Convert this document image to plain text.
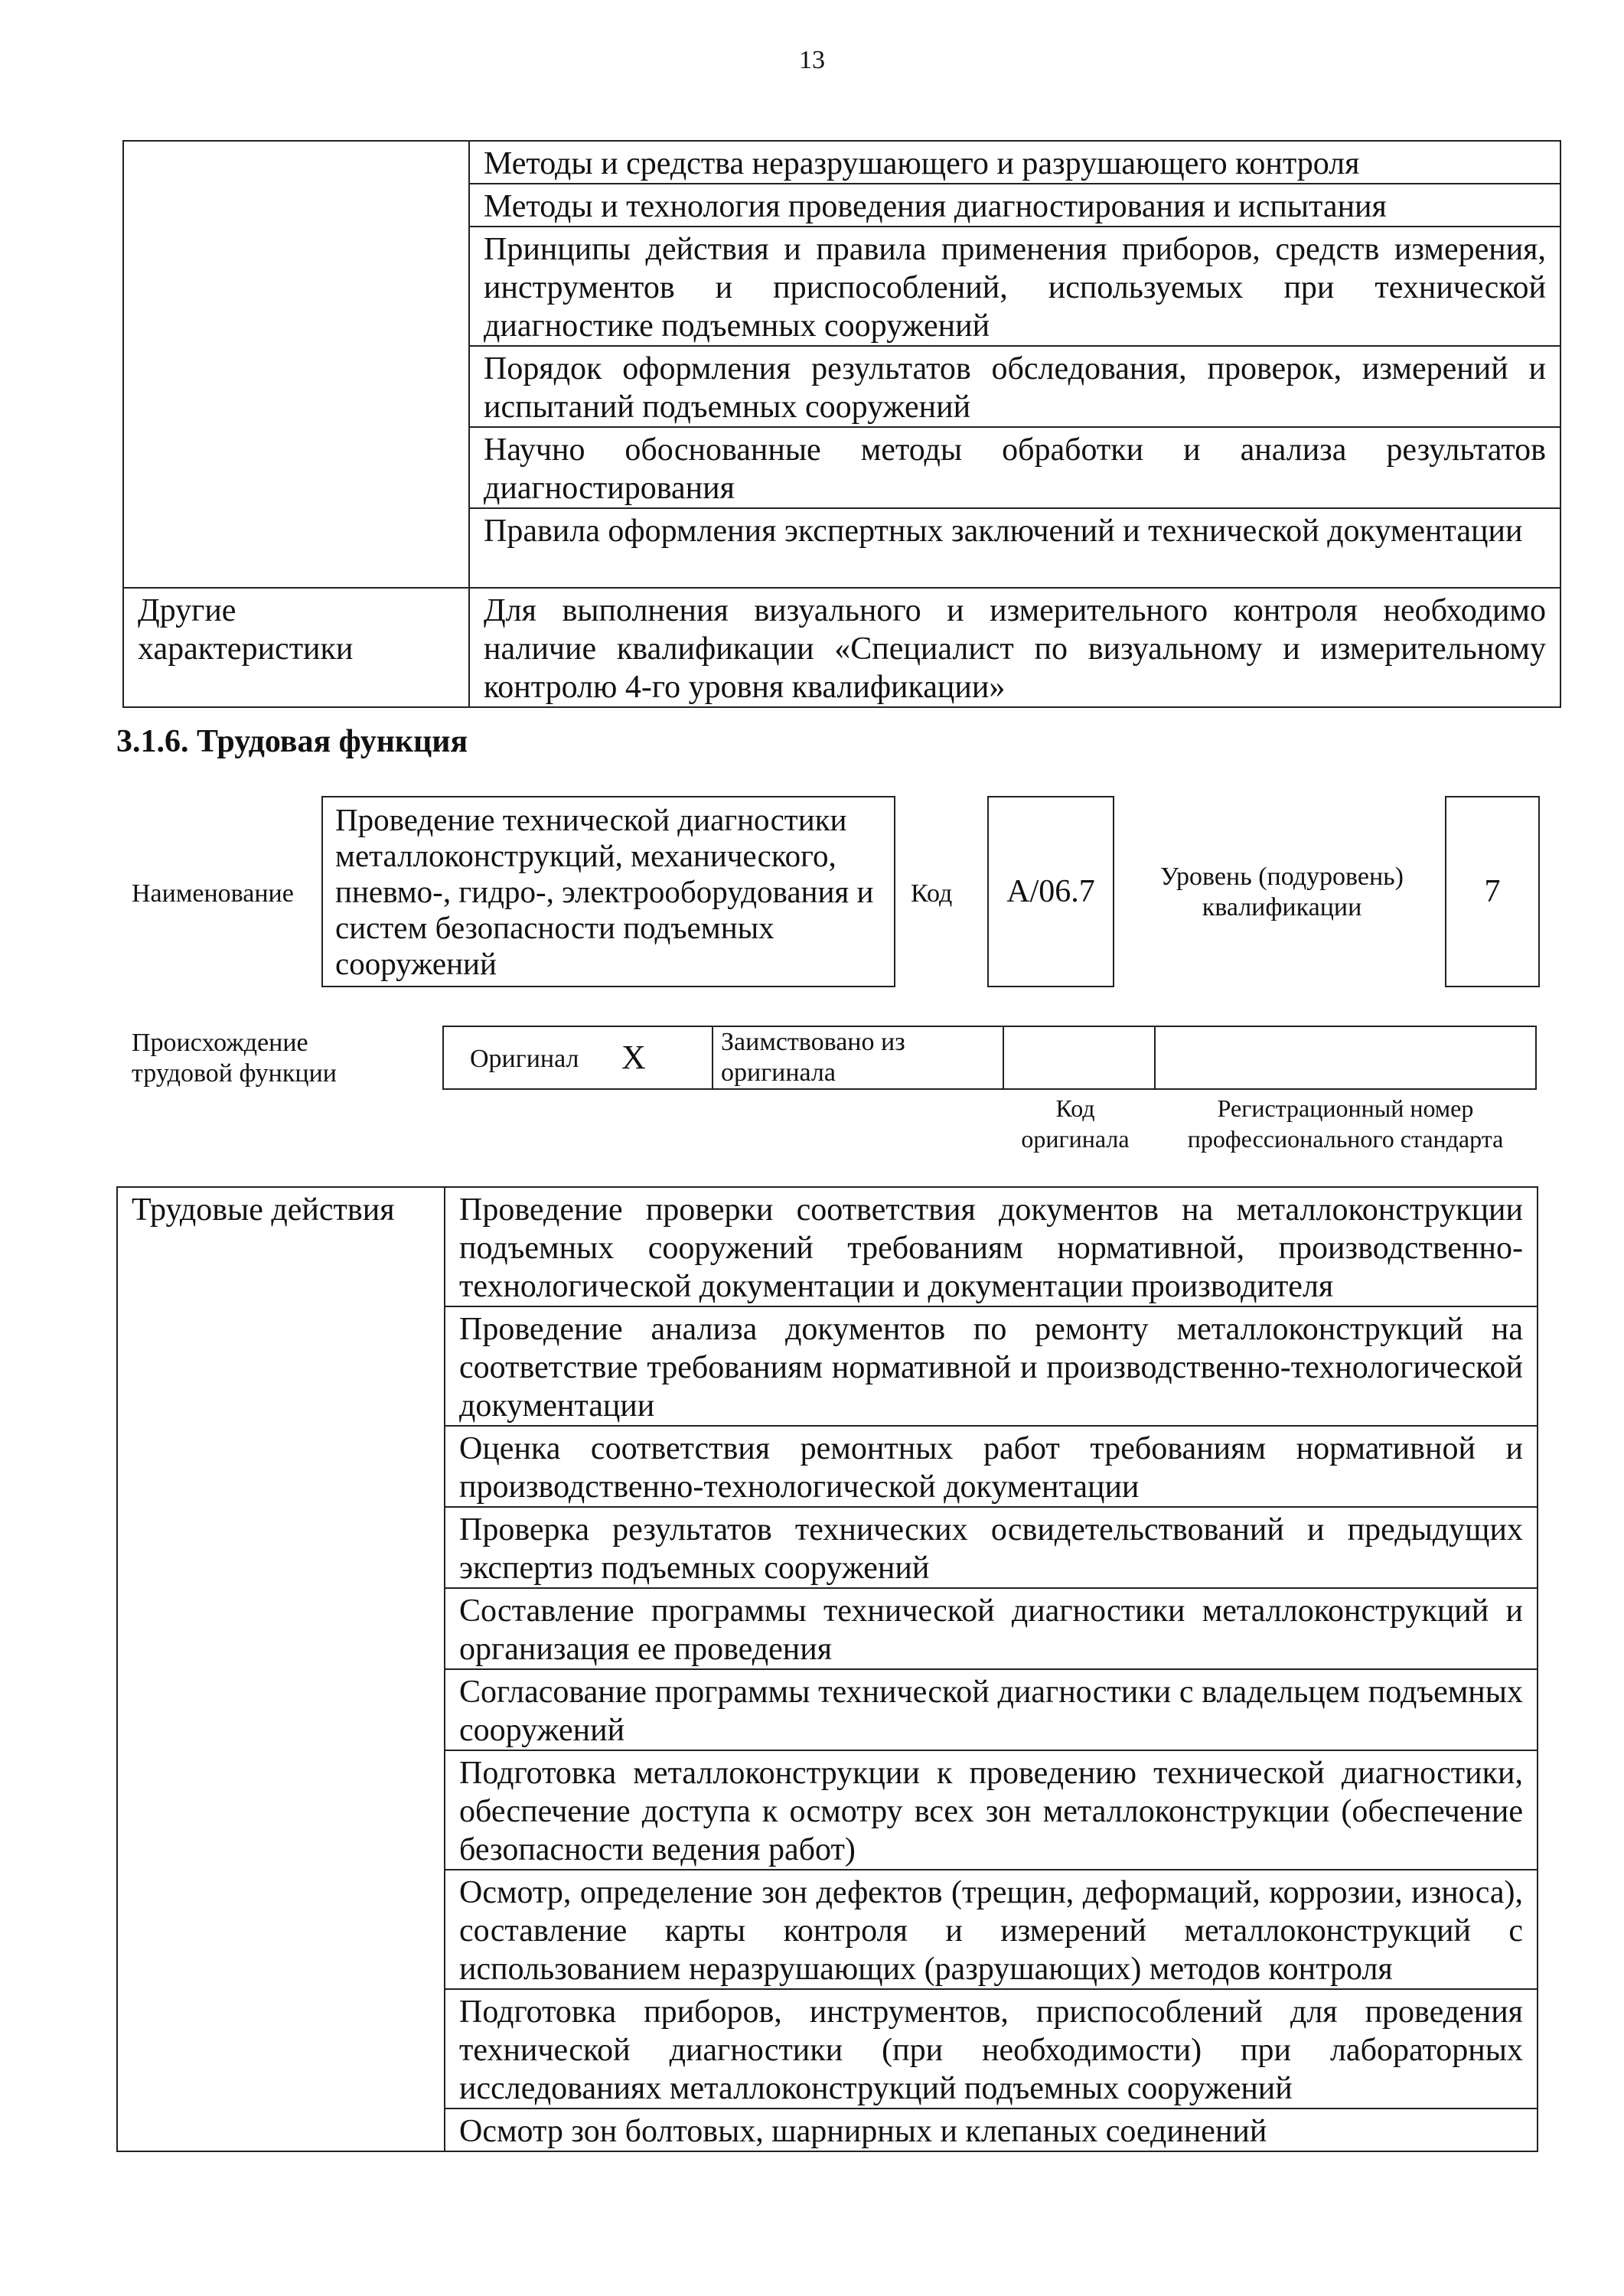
13
	Методы и средства неразрушающего и разрушающего контроля
	Методы и технология проведения диагностирования и испытания
	Принципы действия и правила применения приборов, средств измерения, инструментов и приспособлений, используемых при технической диагностике подъемных сооружений
	Порядок оформления результатов обследования, проверок, измерений и испытаний подъемных сооружений
	Научно обоснованные методы обработки и анализа результатов диагностирования
	Правила оформления экспертных заключений и технической документации
Другие характеристики	Для выполнения визуального и измерительного контроля необходимо наличие квалификации «Специалист по визуальному и измерительному контролю 4-го уровня квалификации»
3.1.6. Трудовая функция
Наименование
Проведение технической диагностики металлоконструкций, механического, пневмо-, гидро-, электрооборудования и систем безопасности подъемных сооружений
Код A/06.7	Уровень (подуровень) квалификации	7
Происхождение трудовой функции
Оригинал X	Заимствовано из оригинала
Код оригинала
Регистрационный номер профессионального стандарта
Трудовые действия	Проведение проверки соответствия документов на металлоконструкции подъемных сооружений требованиям нормативной, производственно-технологической документации и документации производителя
Проведение анализа документов по ремонту металлоконструкций на соответствие требованиям нормативной и производственно-технологической документации
Оценка соответствия ремонтных работ требованиям нормативной и производственно-технологической документации
Проверка результатов технических освидетельствований и предыдущих экспертиз подъемных сооружений
Составление программы технической диагностики металлоконструкций и организация ее проведения
Согласование программы технической диагностики с владельцем подъемных сооружений
Подготовка металлоконструкции к проведению технической диагностики, обеспечение доступа к осмотру всех зон металлоконструкции (обеспечение безопасности ведения работ)
Осмотр, определение зон дефектов (трещин, деформаций, коррозии, износа), составление карты контроля и измерений металлоконструкций с использованием неразрушающих (разрушающих) методов контроля
Подготовка приборов, инструментов, приспособлений для проведения технической диагностики (при необходимости) при лабораторных исследованиях металлоконструкций подъемных сооружений
Осмотр зон болтовых, шарнирных и клепаных соединений
